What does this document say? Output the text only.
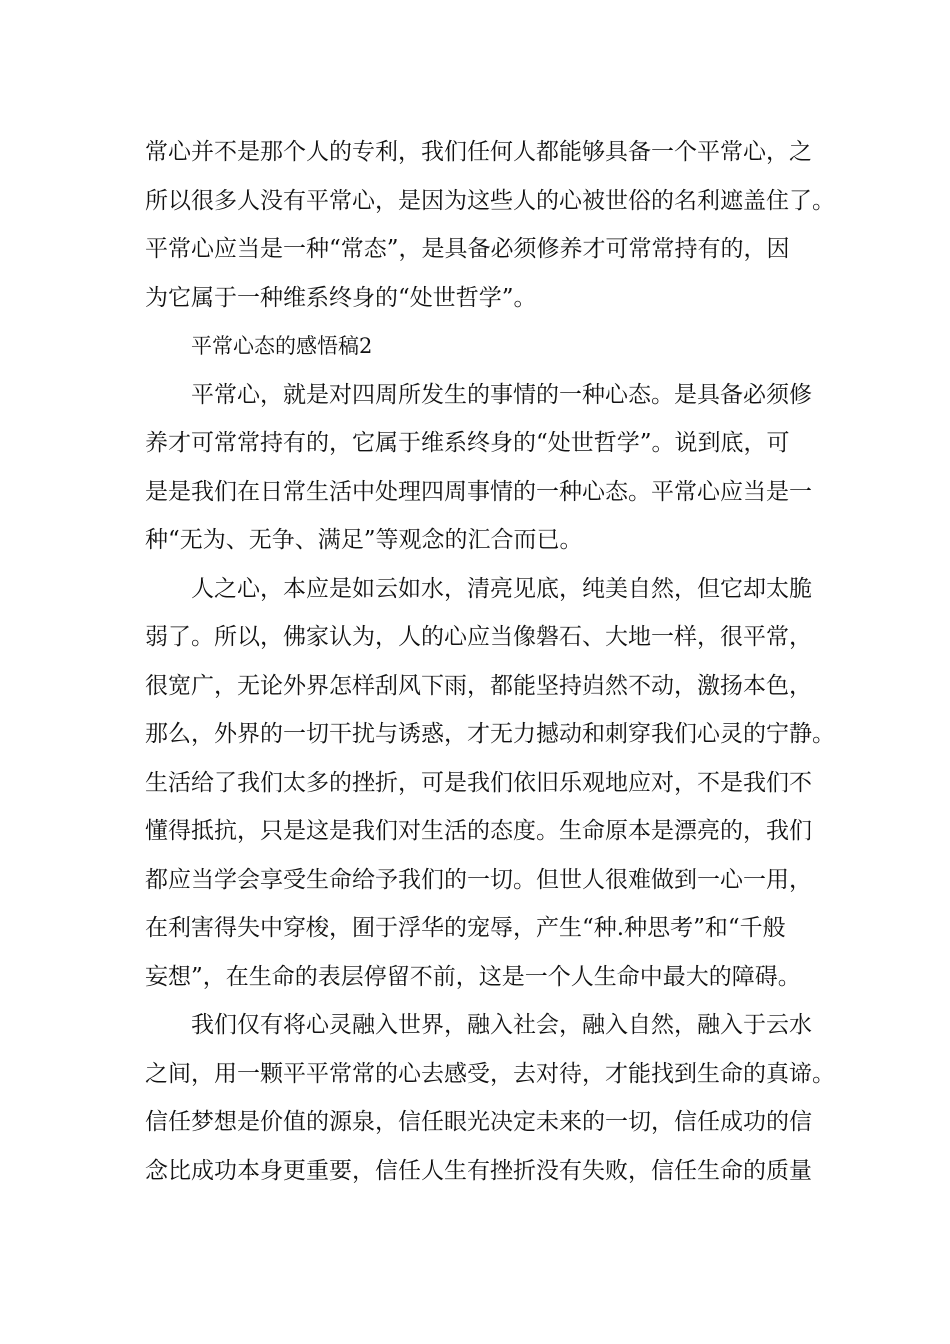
常心并不是那个人的专利，我们任何人都能够具备一个平常心，之
所以很多人没有平常心，是因为这些人的心被世俗的名利遮盖住了。
平常心应当是一种“常态”，是具备必须修养才可常常持有的，因
为它属于一种维系终身的“处世哲学”。
平常心态的感悟稿2
平常心，就是对四周所发生的事情的一种心态。是具备必须修
养才可常常持有的，它属于维系终身的“处世哲学”。说到底，可
是是我们在日常生活中处理四周事情的一种心态。平常心应当是一
种“无为、无争、满足”等观念的汇合而已。
人之心，本应是如云如水，清亮见底，纯美自然，但它却太脆
弱了。所以，佛家认为，人的心应当像磐石、大地一样，很平常，
很宽广，无论外界怎样刮风下雨，都能坚持岿然不动，激扬本色，
那么，外界的一切干扰与诱惑，才无力撼动和刺穿我们心灵的宁静。
生活给了我们太多的挫折，可是我们依旧乐观地应对，不是我们不
懂得抵抗，只是这是我们对生活的态度。生命原本是漂亮的，我们
都应当学会享受生命给予我们的一切。但世人很难做到一心一用，
在利害得失中穿梭，囿于浮华的宠辱，产生“种.种思考”和“千般
妄想”，在生命的表层停留不前，这是一个人生命中最大的障碍。
我们仅有将心灵融入世界，融入社会，融入自然，融入于云水
之间，用一颗平平常常的心去感受，去对待，才能找到生命的真谛。
信任梦想是价值的源泉，信任眼光决定未来的一切，信任成功的信
念比成功本身更重要，信任人生有挫折没有失败，信任生命的质量
